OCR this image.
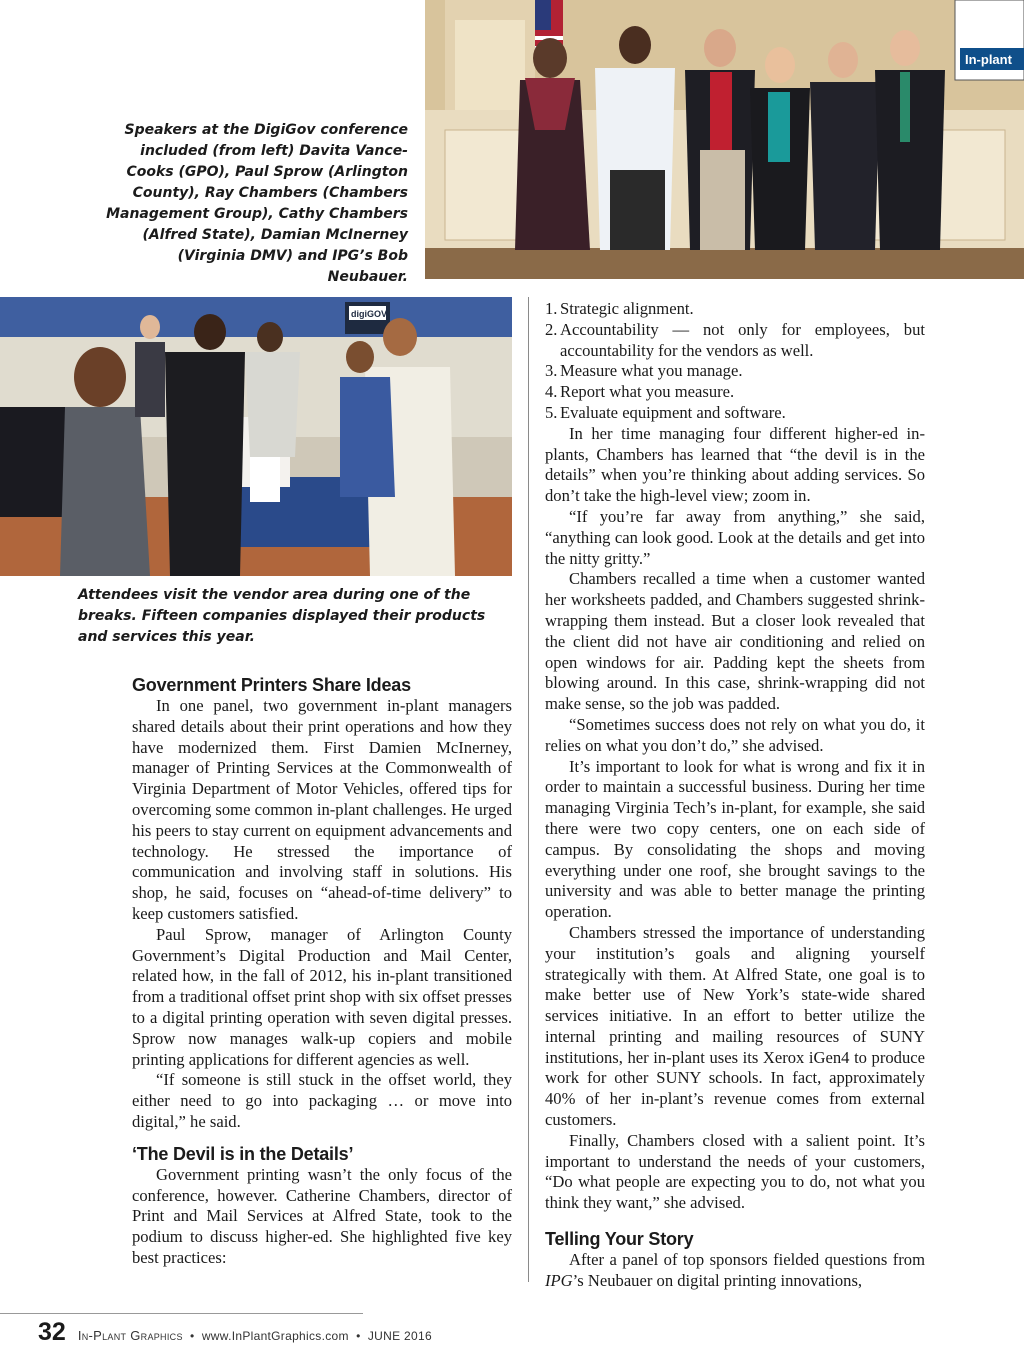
In-plant

Speakers at the DigiGov conference included (from left) Davita Vance-Cooks (GPO), Paul Sprow (Arlington County), Ray Chambers (Chambers Management Group), Cathy Chambers (Alfred State), Damian McInerney (Virginia DMV) and IPG’s Bob Neubauer.

digiGOV

Attendees visit the vendor area during one of the breaks. Fifteen companies displayed their products and services this year.

Government Printers Share Ideas

In one panel, two government in-plant managers shared details about their print operations and how they have modernized them. First Damien McInerney, manager of Printing Services at the Commonwealth of Virginia Department of Motor Vehicles, offered tips for overcoming some common in-plant challenges. He urged his peers to stay current on equipment advancements and technology. He stressed the importance of communication and involving staff in solutions. His shop, he said, focuses on “ahead-of-time delivery” to keep customers satisfied.

Paul Sprow, manager of Arlington County Government’s Digital Production and Mail Center, related how, in the fall of 2012, his in-plant transitioned from a traditional offset print shop with six offset presses to a digital printing operation with seven digital presses. Sprow now manages walk-up copiers and mobile printing applications for different agencies as well.

“If someone is still stuck in the offset world, they either need to go into packaging … or move into digital,” he said.

‘The Devil is in the Details’

Government printing wasn’t the only focus of the conference, however. Catherine Chambers, director of Print and Mail Services at Alfred State, took to the podium to discuss higher-ed. She highlighted five key best practices:

1. Strategic alignment.
2. Accountability — not only for employees, but accountability for the vendors as well.
3. Measure what you manage.
4. Report what you measure.
5. Evaluate equipment and software.

In her time managing four different higher-ed in-plants, Chambers has learned that “the devil is in the details” when you’re thinking about adding services. So don’t take the high-level view; zoom in.

“If you’re far away from anything,” she said, “anything can look good. Look at the details and get into the nitty gritty.”

Chambers recalled a time when a customer wanted her worksheets padded, and Chambers suggested shrink-wrapping them instead. But a closer look revealed that the client did not have air conditioning and relied on open windows for air. Padding kept the sheets from blowing around. In this case, shrink-wrapping did not make sense, so the job was padded.

“Sometimes success does not rely on what you do, it relies on what you don’t do,” she advised.

It’s important to look for what is wrong and fix it in order to maintain a successful business. During her time managing Virginia Tech’s in-plant, for example, she said there were two copy centers, one on each side of campus. By consolidating the shops and moving everything under one roof, she brought savings to the university and was able to better manage the printing operation.

Chambers stressed the importance of understanding your institution’s goals and aligning yourself strategically with them. At Alfred State, one goal is to make better use of New York’s state-wide shared services initiative. In an effort to better utilize the internal printing and mailing resources of SUNY institutions, her in-plant uses its Xerox iGen4 to produce work for other SUNY schools. In fact, approximately 40% of her in-plant’s revenue comes from external customers.

Finally, Chambers closed with a salient point. It’s important to understand the needs of your customers, “Do what people are expecting you to do, not what you think they want,” she advised.

Telling Your Story

After a panel of top sponsors fielded questions from IPG’s Neubauer on digital printing innovations,

32 In-Plant Graphics • www.InPlantGraphics.com • JUNE 2016
